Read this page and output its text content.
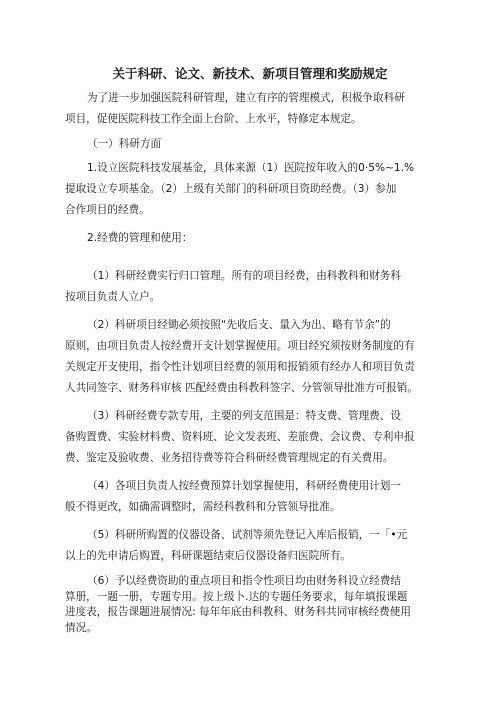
关于科研、论文、新技术、新项目管理和奖励规定
为了进一步加强医院科研管理，建立有序的管理模式，积极争取科研
项目，促使医院科技工作全面上台阶、上水平，特修定本规定。
（一）科研方面
1.设立医院科技发展基金，具体来源（1）医院按年收入的0·5%~1.%
提取设立专项基金。（2）上级有关部门的科研项目资助经费。（3）参加
合作项目的经费。
2.经费的管理和使用：
（1）科研经费实行归口管理。所有的项目经费，由科教科和财务科
按项目负责人立户。
（2）科研项目经锄必须按照“先收后支、量入为出、略有节余”的
原则，由项目负责人按经费开支计划掌握使用。项目经究须按财务制度的有
关规定开支使用，指令性计划项目经费的领用和报销须有经办人和项目负责
人共同签字、财务科审核 匹配经费由科教科签字、分管领导批准方可报销。
（3）科研经费专款专用，主要的列支范围是：特支费、管理费、设
备购置费、实验材料费、资料班、论文发表班、差旅费、会议费、专利申报
费、鉴定及验收费、业务招待费等符合科研经费管理规定的有关费用。
（4）各项目负责人按经费预算计划掌握使用，科研经费使用计划一
般不得更改，如确需调整时，需经科教科和分管领导批准。
（5）科研所购置的仪器设备、试剂等须先登记入库后报销，一「•元
以上的先申请后购置，科研课题结束后仪器设备归医院所有。
（6）予以经费资助的重点项目和指令性项目均由财务科设立经费结
算册，一题一册，专题专用。按上级卜.达的专题任务要求，每年填报课题
进度表，报告课题进展情况: 每年年底由科教科、财务科共同审核经费使用
情况。
